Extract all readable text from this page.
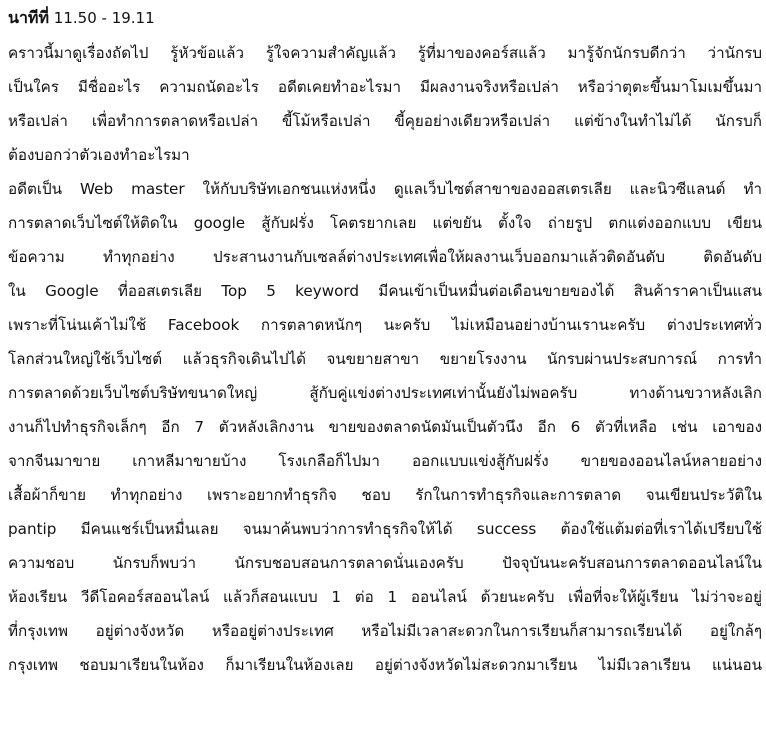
นาทีที่ 11.50 - 19.11
คราวนี้มาดูเรื่องถัดไป รู้หัวข้อแล้ว รู้ใจความสำคัญแล้ว รู้ที่มาของคอร์สแล้ว มารู้จักนักรบดีกว่า ว่านักรบ
เป็นใคร มีชื่ออะไร ความถนัดอะไร อดีตเคยทำอะไรมา มีผลงานจริงหรือเปล่า หรือว่าตุตะขึ้นมาโมเมขึ้นมา
หรือเปล่า เพื่อทำการตลาดหรือเปล่า ขี้โม้หรือเปล่า ขี้คุยอย่างเดียวหรือเปล่า แต่ข้างในทำไม่ได้ นักรบก็
ต้องบอกว่าตัวเองทำอะไรมา
อดีตเป็น Web master ให้กับบริษัทเอกชนแห่งหนึ่ง ดูแลเว็บไซต์สาขาของออสเตรเลีย และนิวซีแลนด์ ทำ
การตลาดเว็บไซต์ให้ติดใน google สู้กับฝรั่ง โคตรยากเลย แต่ขยัน ตั้งใจ ถ่ายรูป ตกแต่งออกแบบ เขียน
ข้อความ ทำทุกอย่าง ประสานงานกับเซลล์ต่างประเทศเพื่อให้ผลงานเว็บออกมาแล้วติดอันดับ ติดอันดับ
ใน Google ที่ออสเตรเลีย Top 5 keyword มีคนเข้าเป็นหมื่นต่อเดือนขายของได้ สินค้าราคาเป็นแสน
เพราะที่โน่นเค้าไม่ใช้ Facebook การตลาดหนักๆ นะครับ ไม่เหมือนอย่างบ้านเรานะครับ ต่างประเทศทั่ว
โลกส่วนใหญ่ใช้เว็บไซต์ แล้วธุรกิจเดินไปได้ จนขยายสาขา ขยายโรงงาน นักรบผ่านประสบการณ์ การทำ
การตลาดด้วยเว็บไซต์บริษัทขนาดใหญ่ สู้กับคู่แข่งต่างประเทศเท่านั้นยังไม่พอครับ ทางด้านขวาหลังเลิก
งานก็ไปทำธุรกิจเล็กๆ อีก 7 ตัวหลังเลิกงาน ขายของตลาดนัดมันเป็นตัวนึง อีก 6 ตัวที่เหลือ เช่น เอาของ
จากจีนมาขาย เกาหลีมาขายบ้าง โรงเกลือก็ไปมา ออกแบบแข่งสู้กับฝรั่ง ขายของออนไลน์หลายอย่าง
เสื้อผ้าก็ขาย ทำทุกอย่าง เพราะอยากทำธุรกิจ ชอบ รักในการทำธุรกิจและการตลาด จนเขียนประวัติใน
pantip มีคนแชร์เป็นหมื่นเลย จนมาค้นพบว่าการทำธุรกิจให้ได้ success ต้องใช้แต้มต่อที่เราได้เปรียบใช้
ความชอบ นักรบก็พบว่า นักรบชอบสอนการตลาดนั่นเองครับ ปัจจุบันนะครับสอนการตลาดออนไลน์ใน
ห้องเรียน วีดีโอคอร์สออนไลน์ แล้วก็สอนแบบ 1 ต่อ 1 ออนไลน์ ด้วยนะครับ เพื่อที่จะให้ผู้เรียน ไม่ว่าจะอยู่
ที่กรุงเทพ อยู่ต่างจังหวัด หรืออยู่ต่างประเทศ หรือไม่มีเวลาสะดวกในการเรียนก็สามารถเรียนได้ อยู่ใกล้ๆ
กรุงเทพ ชอบมาเรียนในห้อง ก็มาเรียนในห้องเลย อยู่ต่างจังหวัดไม่สะดวกมาเรียน ไม่มีเวลาเรียน แน่นอน
